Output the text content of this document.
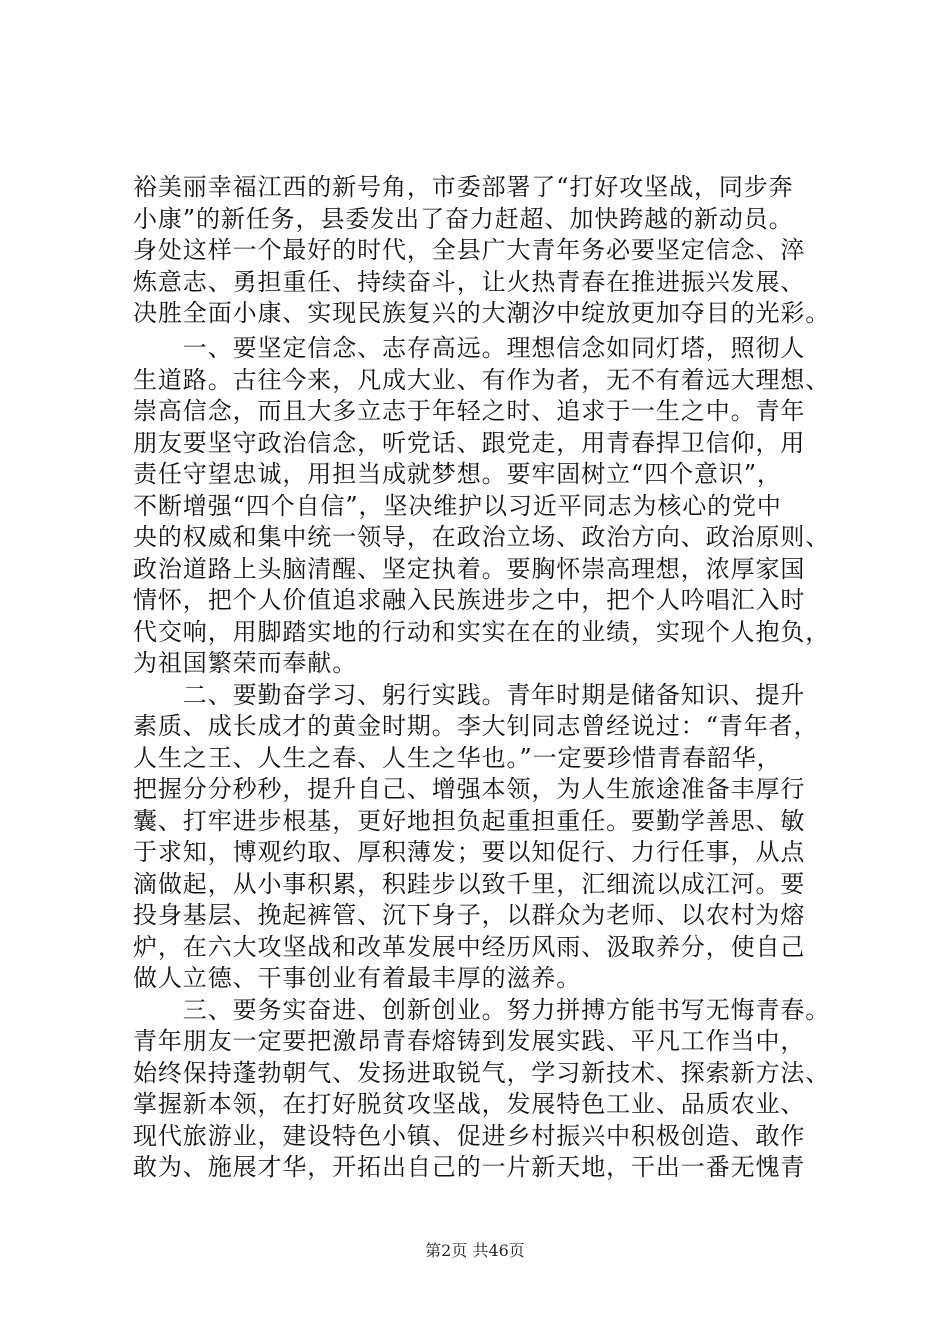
裕美丽幸福江西的新号角，市委部署了“打好攻坚战，同步奔
小康”的新任务，县委发出了奋力赶超、加快跨越的新动员。
身处这样一个最好的时代，全县广大青年务必要坚定信念、淬
炼意志、勇担重任、持续奋斗，让火热青春在推进振兴发展、
决胜全面小康、实现民族复兴的大潮汐中绽放更加夺目的光彩。
　　一、要坚定信念、志存高远。理想信念如同灯塔，照彻人
生道路。古往今来，凡成大业、有作为者，无不有着远大理想、
崇高信念，而且大多立志于年轻之时、追求于一生之中。青年
朋友要坚守政治信念，听党话、跟党走，用青春捍卫信仰，用
责任守望忠诚，用担当成就梦想。要牢固树立“四个意识”，
不断增强“四个自信”，坚决维护以习近平同志为核心的党中
央的权威和集中统一领导，在政治立场、政治方向、政治原则、
政治道路上头脑清醒、坚定执着。要胸怀崇高理想，浓厚家国
情怀，把个人价值追求融入民族进步之中，把个人吟唱汇入时
代交响，用脚踏实地的行动和实实在在的业绩，实现个人抱负，
为祖国繁荣而奉献。
　　二、要勤奋学习、躬行实践。青年时期是储备知识、提升
素质、成长成才的黄金时期。李大钊同志曾经说过：“青年者，
人生之王、人生之春、人生之华也。”一定要珍惜青春韶华，
把握分分秒秒，提升自己、增强本领，为人生旅途准备丰厚行
囊、打牢进步根基，更好地担负起重担重任。要勤学善思、敏
于求知，博观约取、厚积薄发；要以知促行、力行任事，从点
滴做起，从小事积累，积跬步以致千里，汇细流以成江河。要
投身基层、挽起裤管、沉下身子，以群众为老师、以农村为熔
炉，在六大攻坚战和改革发展中经历风雨、汲取养分，使自己
做人立德、干事创业有着最丰厚的滋养。
　　三、要务实奋进、创新创业。努力拼搏方能书写无悔青春。
青年朋友一定要把激昂青春熔铸到发展实践、平凡工作当中，
始终保持蓬勃朝气、发扬进取锐气，学习新技术、探索新方法、
掌握新本领，在打好脱贫攻坚战，发展特色工业、品质农业、
现代旅游业，建设特色小镇、促进乡村振兴中积极创造、敢作
敢为、施展才华，开拓出自己的一片新天地，干出一番无愧青
第2页 共46页
